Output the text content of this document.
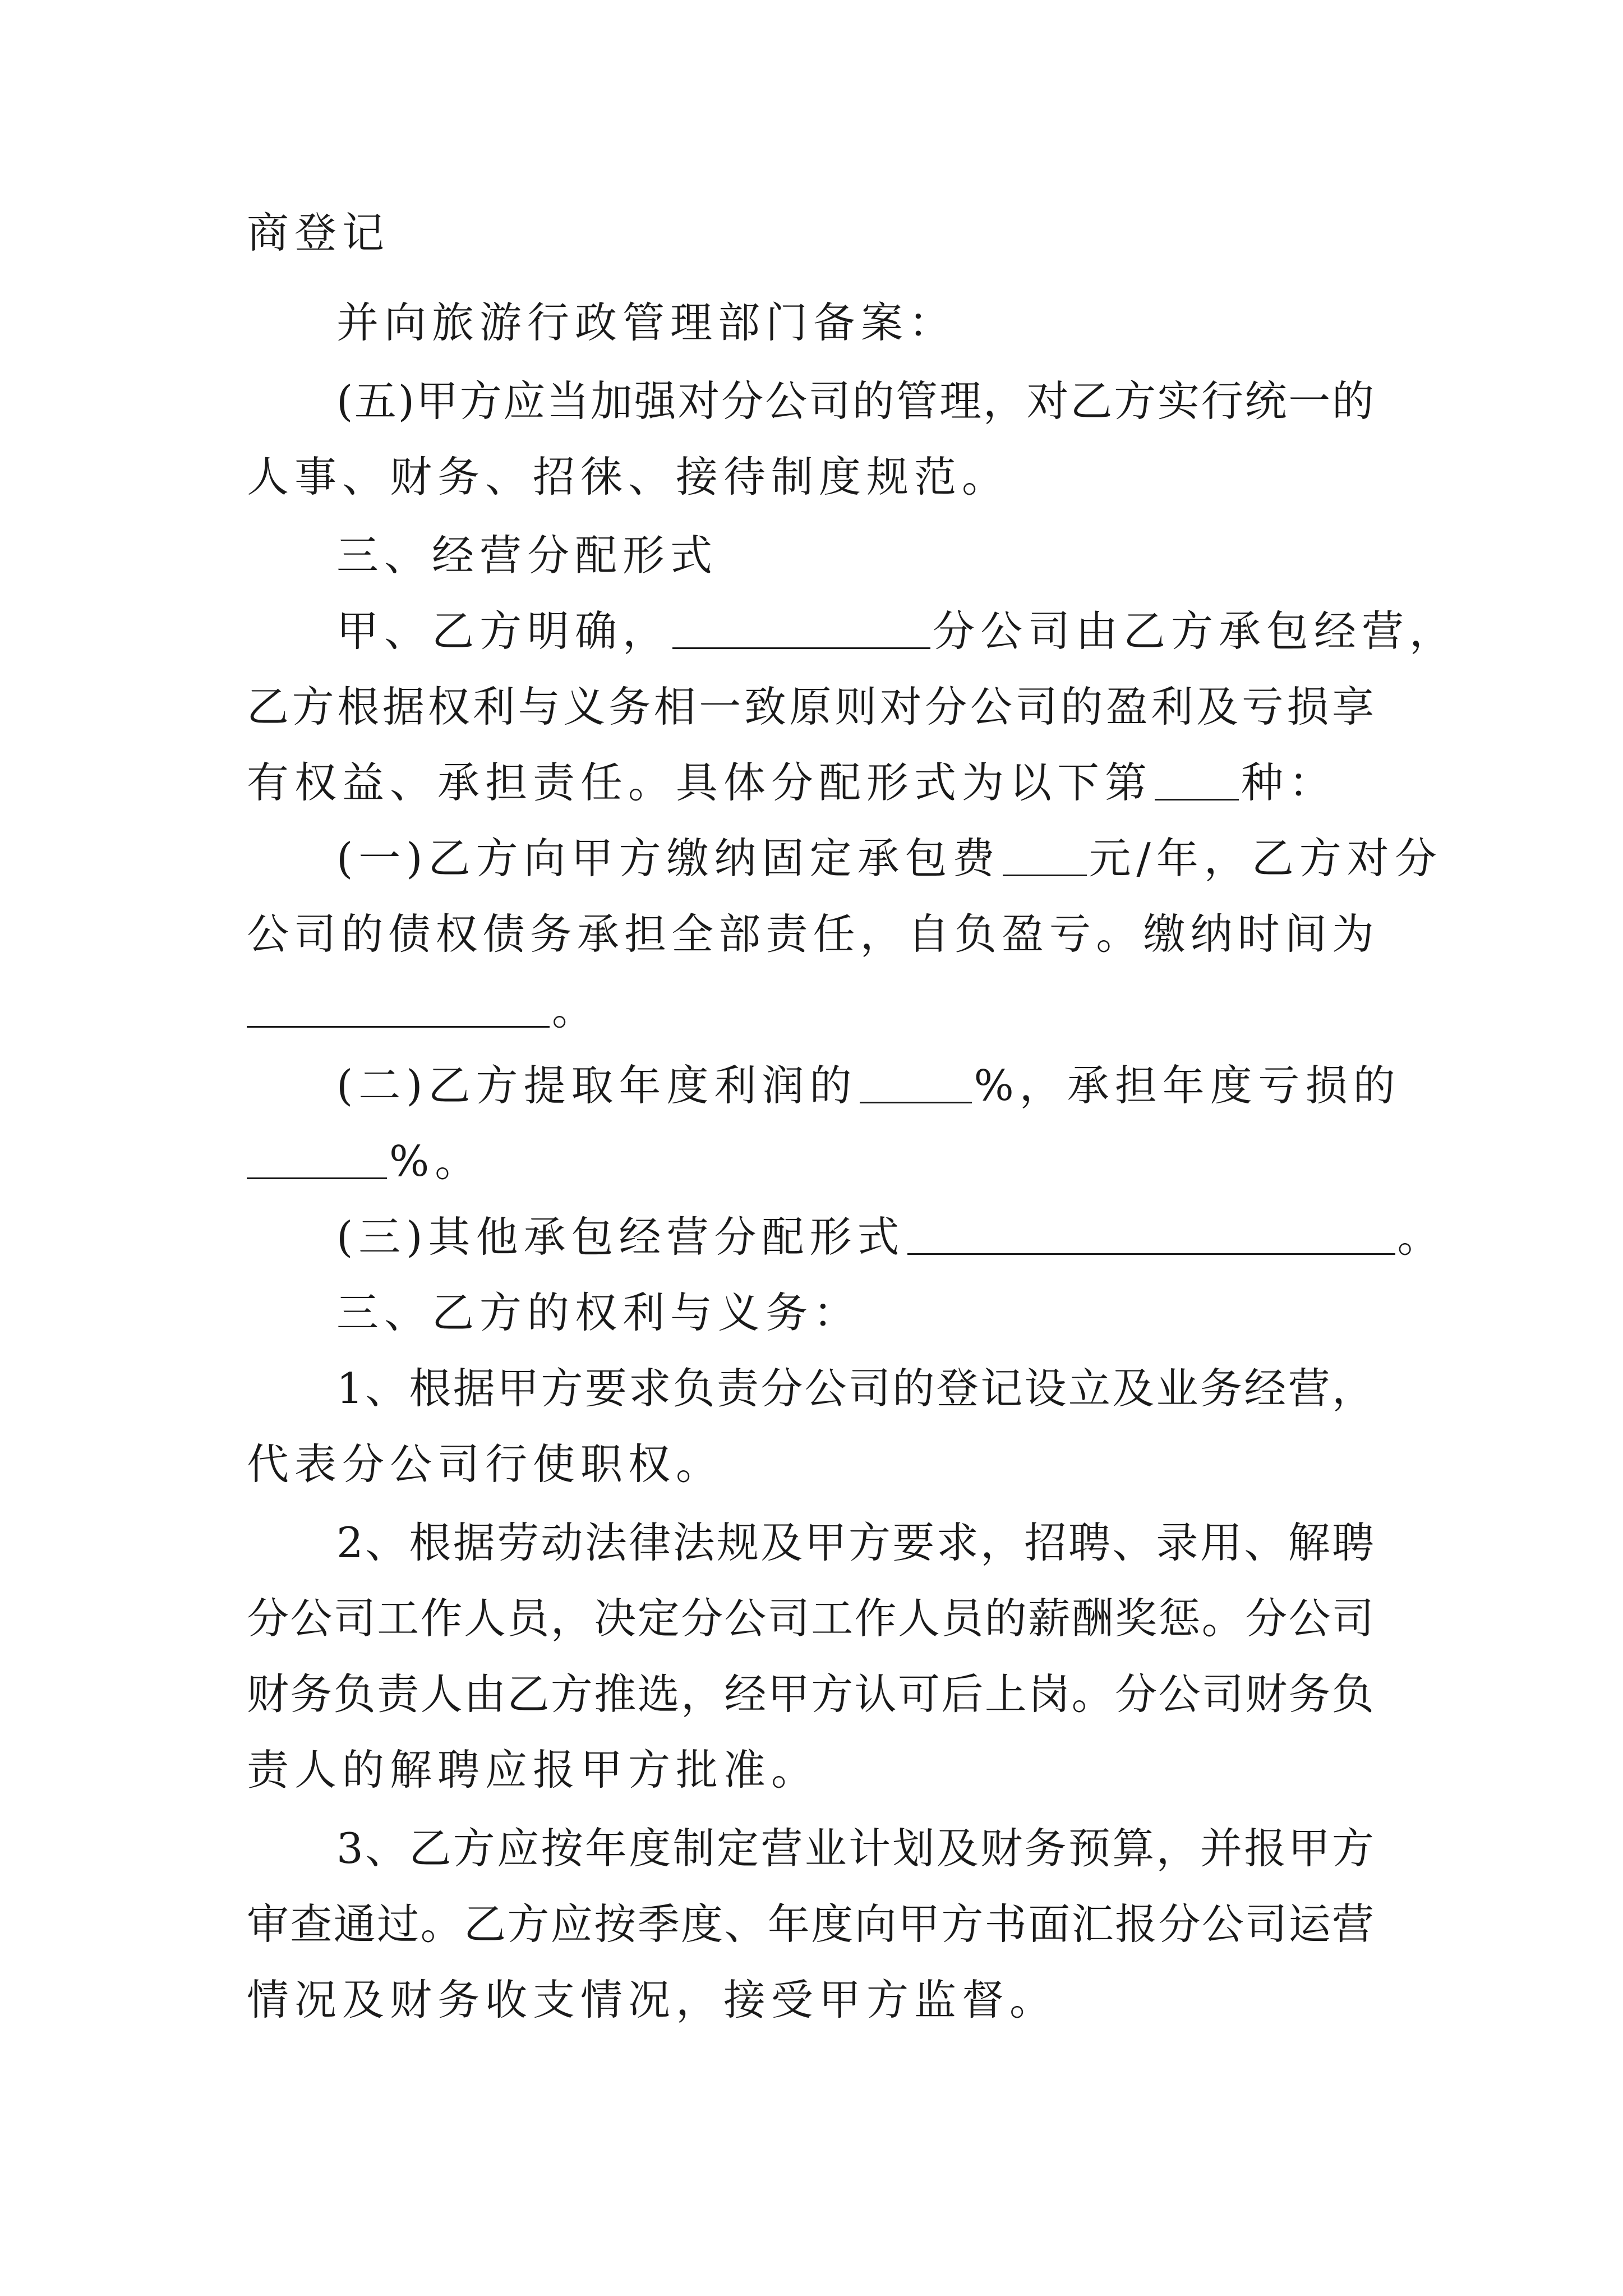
商登记
并向旅游行政管理部门备案：
(五)甲方应当加强对分公司的管理，对乙方实行统一的
人事、财务、招徕、接待制度规范。
三、经营分配形式
甲、乙方明确，	分公司由乙方承包经营，
乙方根据权利与义务相一致原则对分公司的盈利及亏损享
有权益、承担责任。具体分配形式为以下第 种：
(一)乙方向甲方缴纳固定承包费 元/年，乙方对分
公司的债权债务承担全部责任，自负盈亏。缴纳时间为
。
(二)乙方提取年度利润的	%，承担年度亏损的
%。
(三)其他承包经营分配形式	。
三、乙方的权利与义务：
1、根据甲方要求负责分公司的登记设立及业务经营，
代表分公司行使职权。
2、根据劳动法律法规及甲方要求，招聘、录用、解聘
分公司工作人员，决定分公司工作人员的薪酬奖惩。分公司
财务负责人由乙方推选，经甲方认可后上岗。分公司财务负
责人的解聘应报甲方批准。
3、乙方应按年度制定营业计划及财务预算，并报甲方
审查通过。乙方应按季度、年度向甲方书面汇报分公司运营
情况及财务收支情况，接受甲方监督。
